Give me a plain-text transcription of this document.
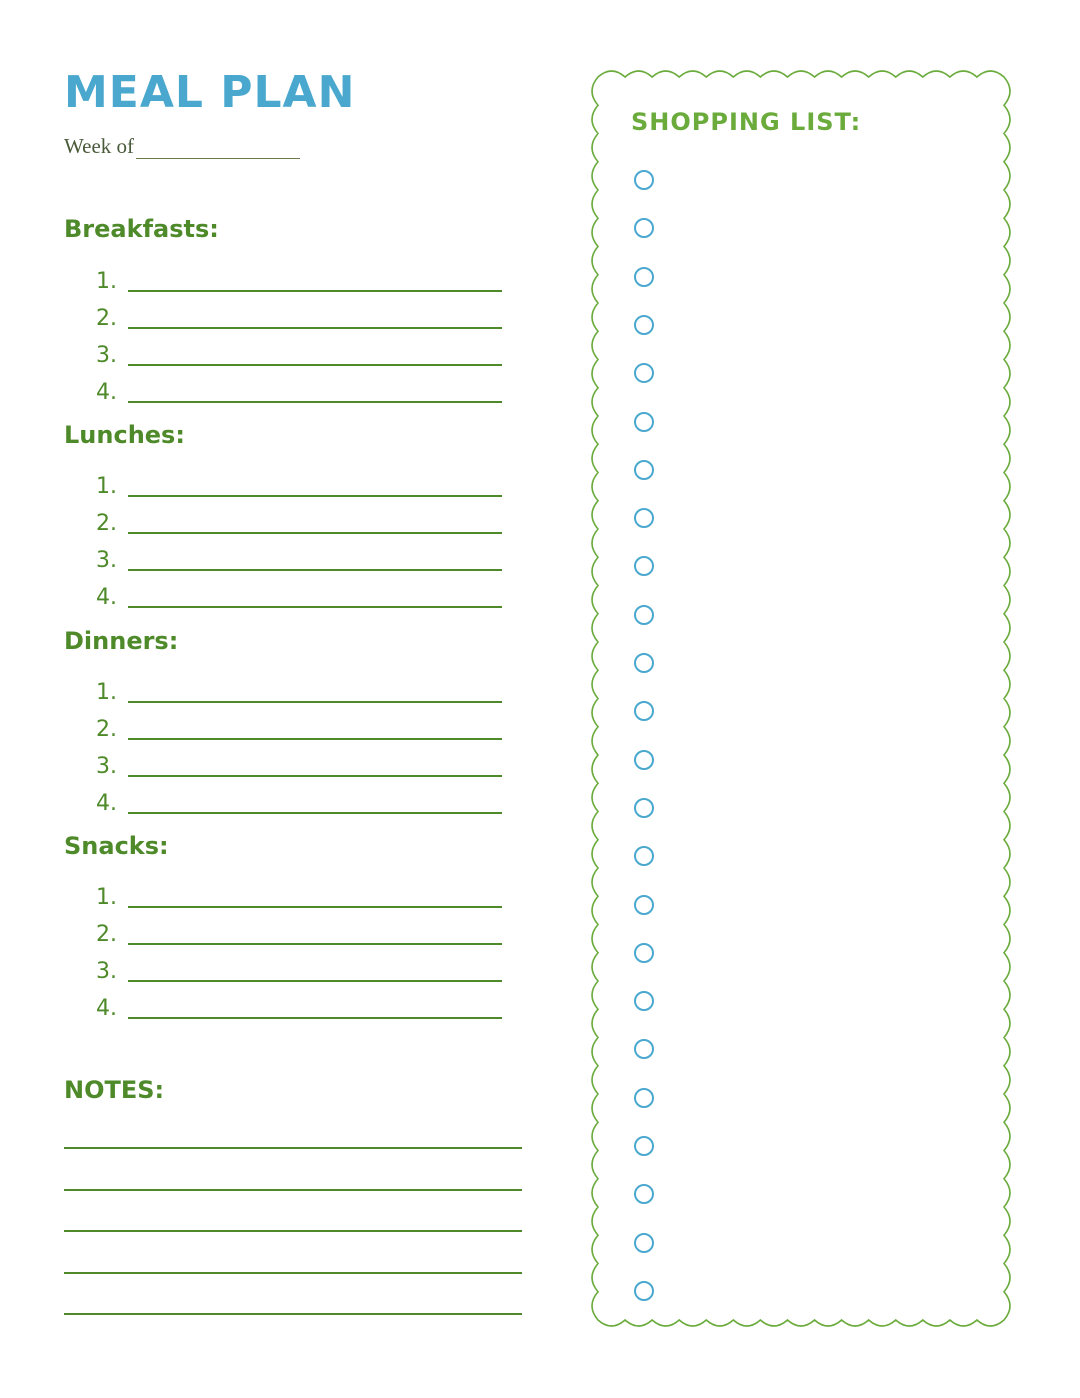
MEAL PLAN
Week of
Breakfasts:
1.
2.
3.
4.
Lunches:
1.
2.
3.
4.
Dinners:
1.
2.
3.
4.
Snacks:
1.
2.
3.
4.
NOTES:
SHOPPING LIST:
